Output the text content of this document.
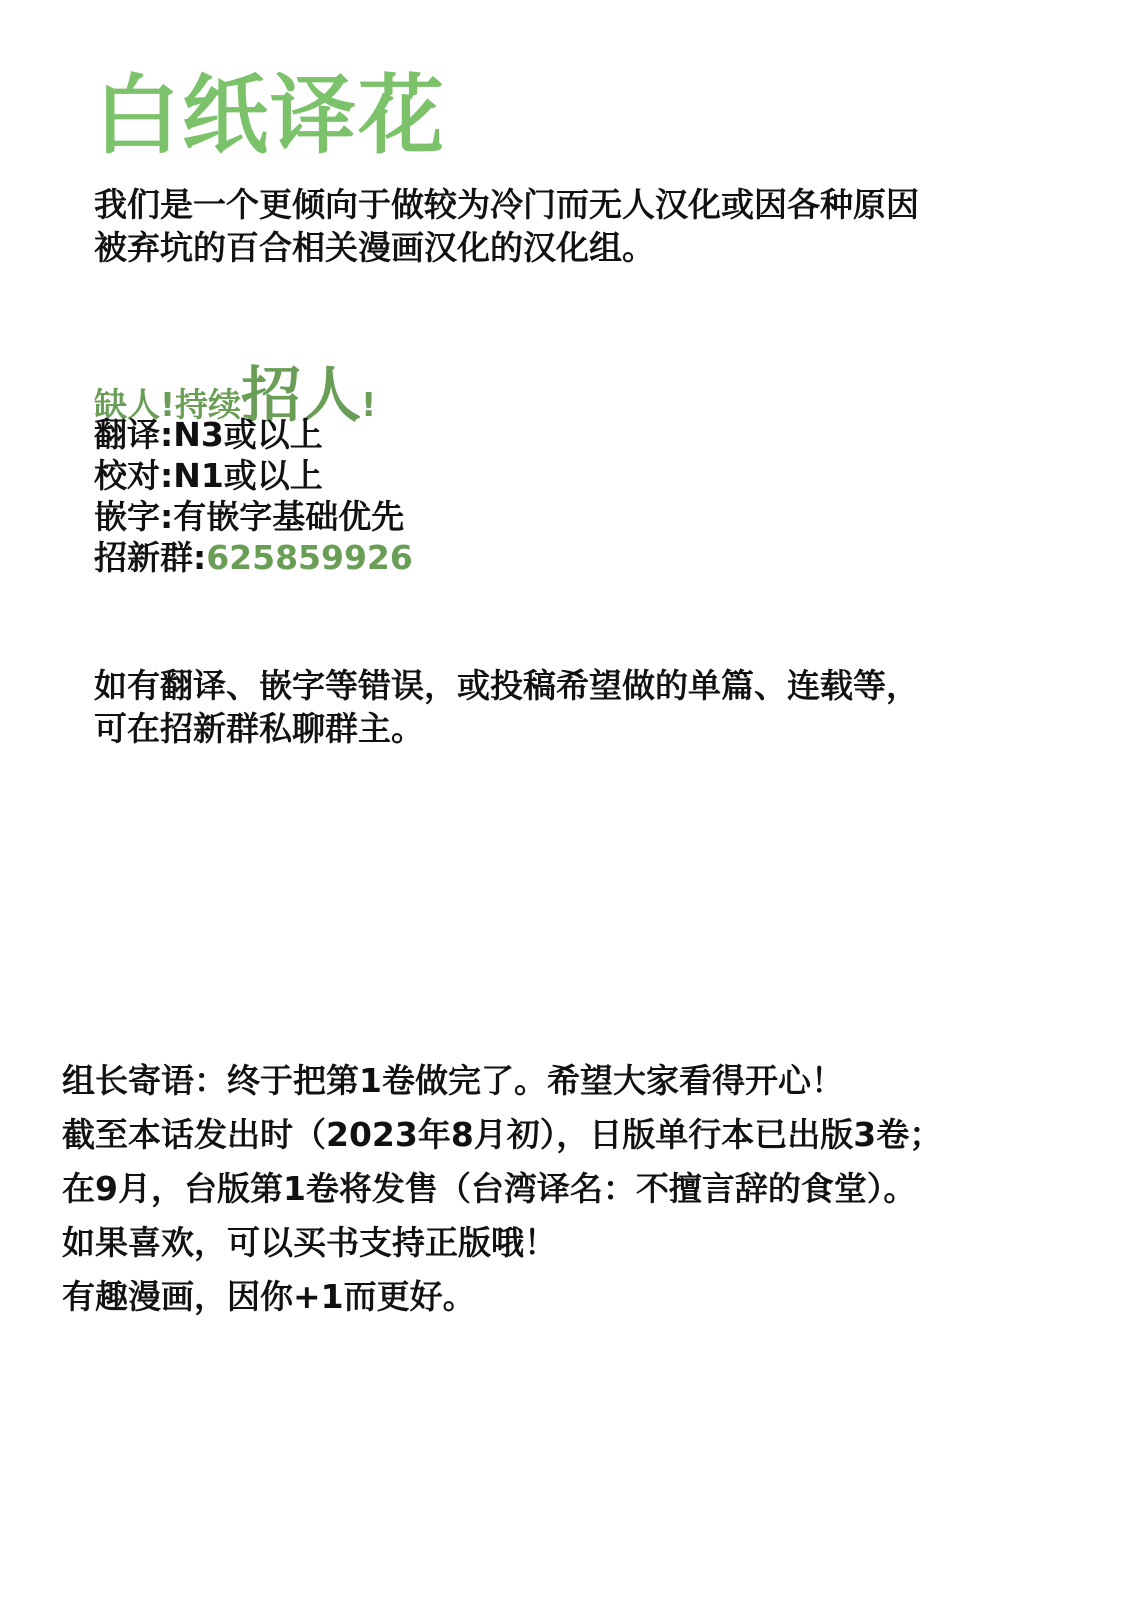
白纸译花
我们是一个更倾向于做较为冷门而无人汉化或因各种原因
被弃坑的百合相关漫画汉化的汉化组。
缺人!持续招人!
翻译:N3或以上
校对:N1或以上
嵌字:有嵌字基础优先
招新群:625859926
如有翻译、嵌字等错误，或投稿希望做的单篇、连载等，
可在招新群私聊群主。
组长寄语：终于把第1卷做完了。希望大家看得开心！
截至本话发出时（2023年8月初），日版单行本已出版3卷；
在9月，台版第1卷将发售（台湾译名：不擅言辞的食堂）。
如果喜欢，可以买书支持正版哦！
有趣漫画，因你+1而更好。
